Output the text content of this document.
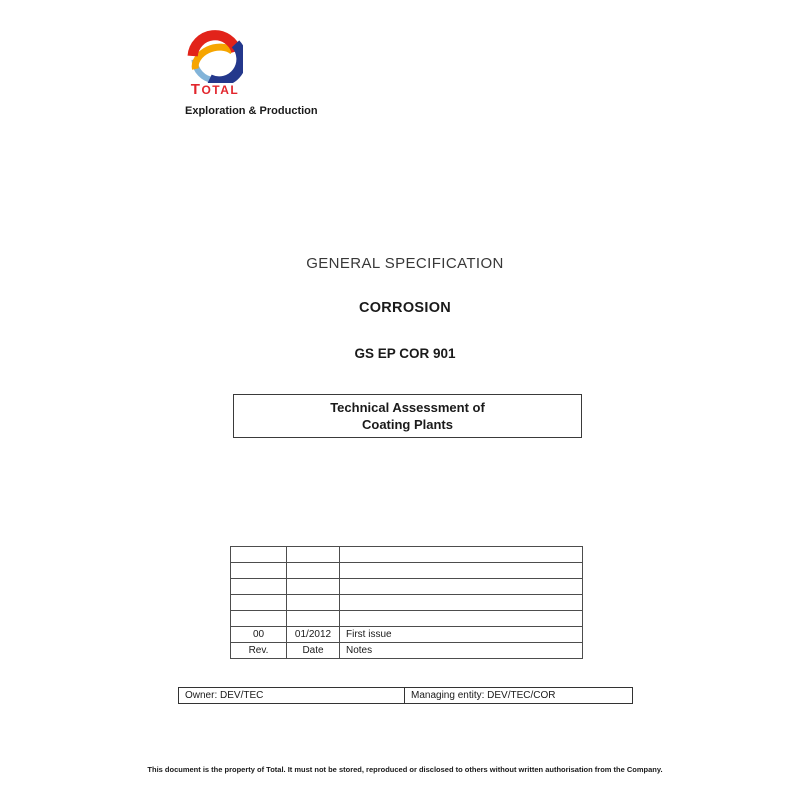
TOTAL
Exploration & Production
GENERAL SPECIFICATION
CORROSION
GS EP COR 901
Technical Assessment of
Coating Plants

00	01/2012	First issue
Rev.	Date	Notes
Owner: DEV/TEC	Managing entity: DEV/TEC/COR
This document is the property of Total. It must not be stored, reproduced or disclosed to others without written authorisation from the Company.
